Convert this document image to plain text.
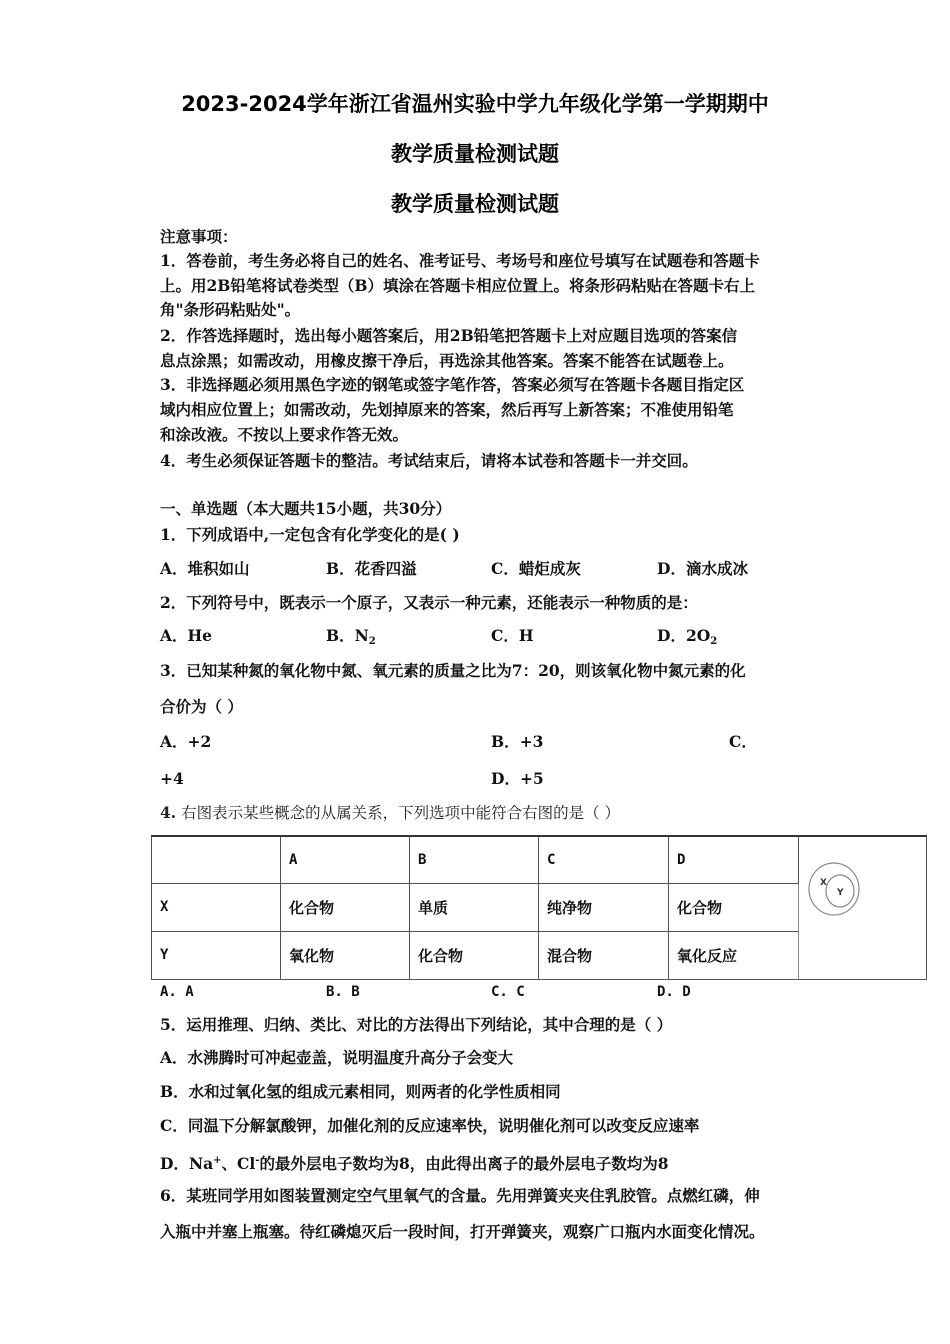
2023-2024学年浙江省温州实验中学九年级化学第一学期期中
教学质量检测试题
教学质量检测试题
注意事项：
1．答卷前，考生务必将自己的姓名、准考证号、考场号和座位号填写在试题卷和答题卡
上。用2B铅笔将试卷类型（B）填涂在答题卡相应位置上。将条形码粘贴在答题卡右上
角"条形码粘贴处"。
2．作答选择题时，选出每小题答案后，用2B铅笔把答题卡上对应题目选项的答案信
息点涂黑；如需改动，用橡皮擦干净后，再选涂其他答案。答案不能答在试题卷上。
3．非选择题必须用黑色字迹的钢笔或签字笔作答，答案必须写在答题卡各题目指定区
域内相应位置上；如需改动，先划掉原来的答案，然后再写上新答案；不准使用铅笔
和涂改液。不按以上要求作答无效。
4．考生必须保证答题卡的整洁。考试结束后，请将本试卷和答题卡一并交回。
一、单选题（本大题共15小题，共30分）
1．下列成语中,一定包含有化学变化的是( )
A．堆积如山	B．花香四溢	C．蜡炬成灰	D．滴水成冰
2．下列符号中，既表示一个原子，又表示一种元素，还能表示一种物质的是：
A．He	B．$N_2$	C．H	D．$2O_2$
3．已知某种氮的氧化物中氮、氧元素的质量之比为7：20，则该氧化物中氮元素的化
合价为（ ）
A．+2	B．+3	C．
+4	D．+5
4. 右图表示某些概念的从属关系，下列选项中能符合右图的是（ ）
	A	B	C	D	X
Y

X	化合物	单质	纯净物	化合物	
Y	氧化物	化合物	混合物	氧化反应	
A. A	B. B	C. C	D. D
5．运用推理、归纳、类比、对比的方法得出下列结论，其中合理的是（ ）
A．水沸腾时可冲起壶盖，说明温度升高分子会变大
B．水和过氧化氢的组成元素相同，则两者的化学性质相同
C．同温下分解氯酸钾，加催化剂的反应速率快，说明催化剂可以改变反应速率
D．Na+、Cl-的最外层电子数均为8，由此得出离子的最外层电子数均为8
6．某班同学用如图装置测定空气里氧气的含量。先用弹簧夹夹住乳胶管。点燃红磷，伸
入瓶中并塞上瓶塞。待红磷熄灭后一段时间，打开弹簧夹，观察广口瓶内水面变化情况。
